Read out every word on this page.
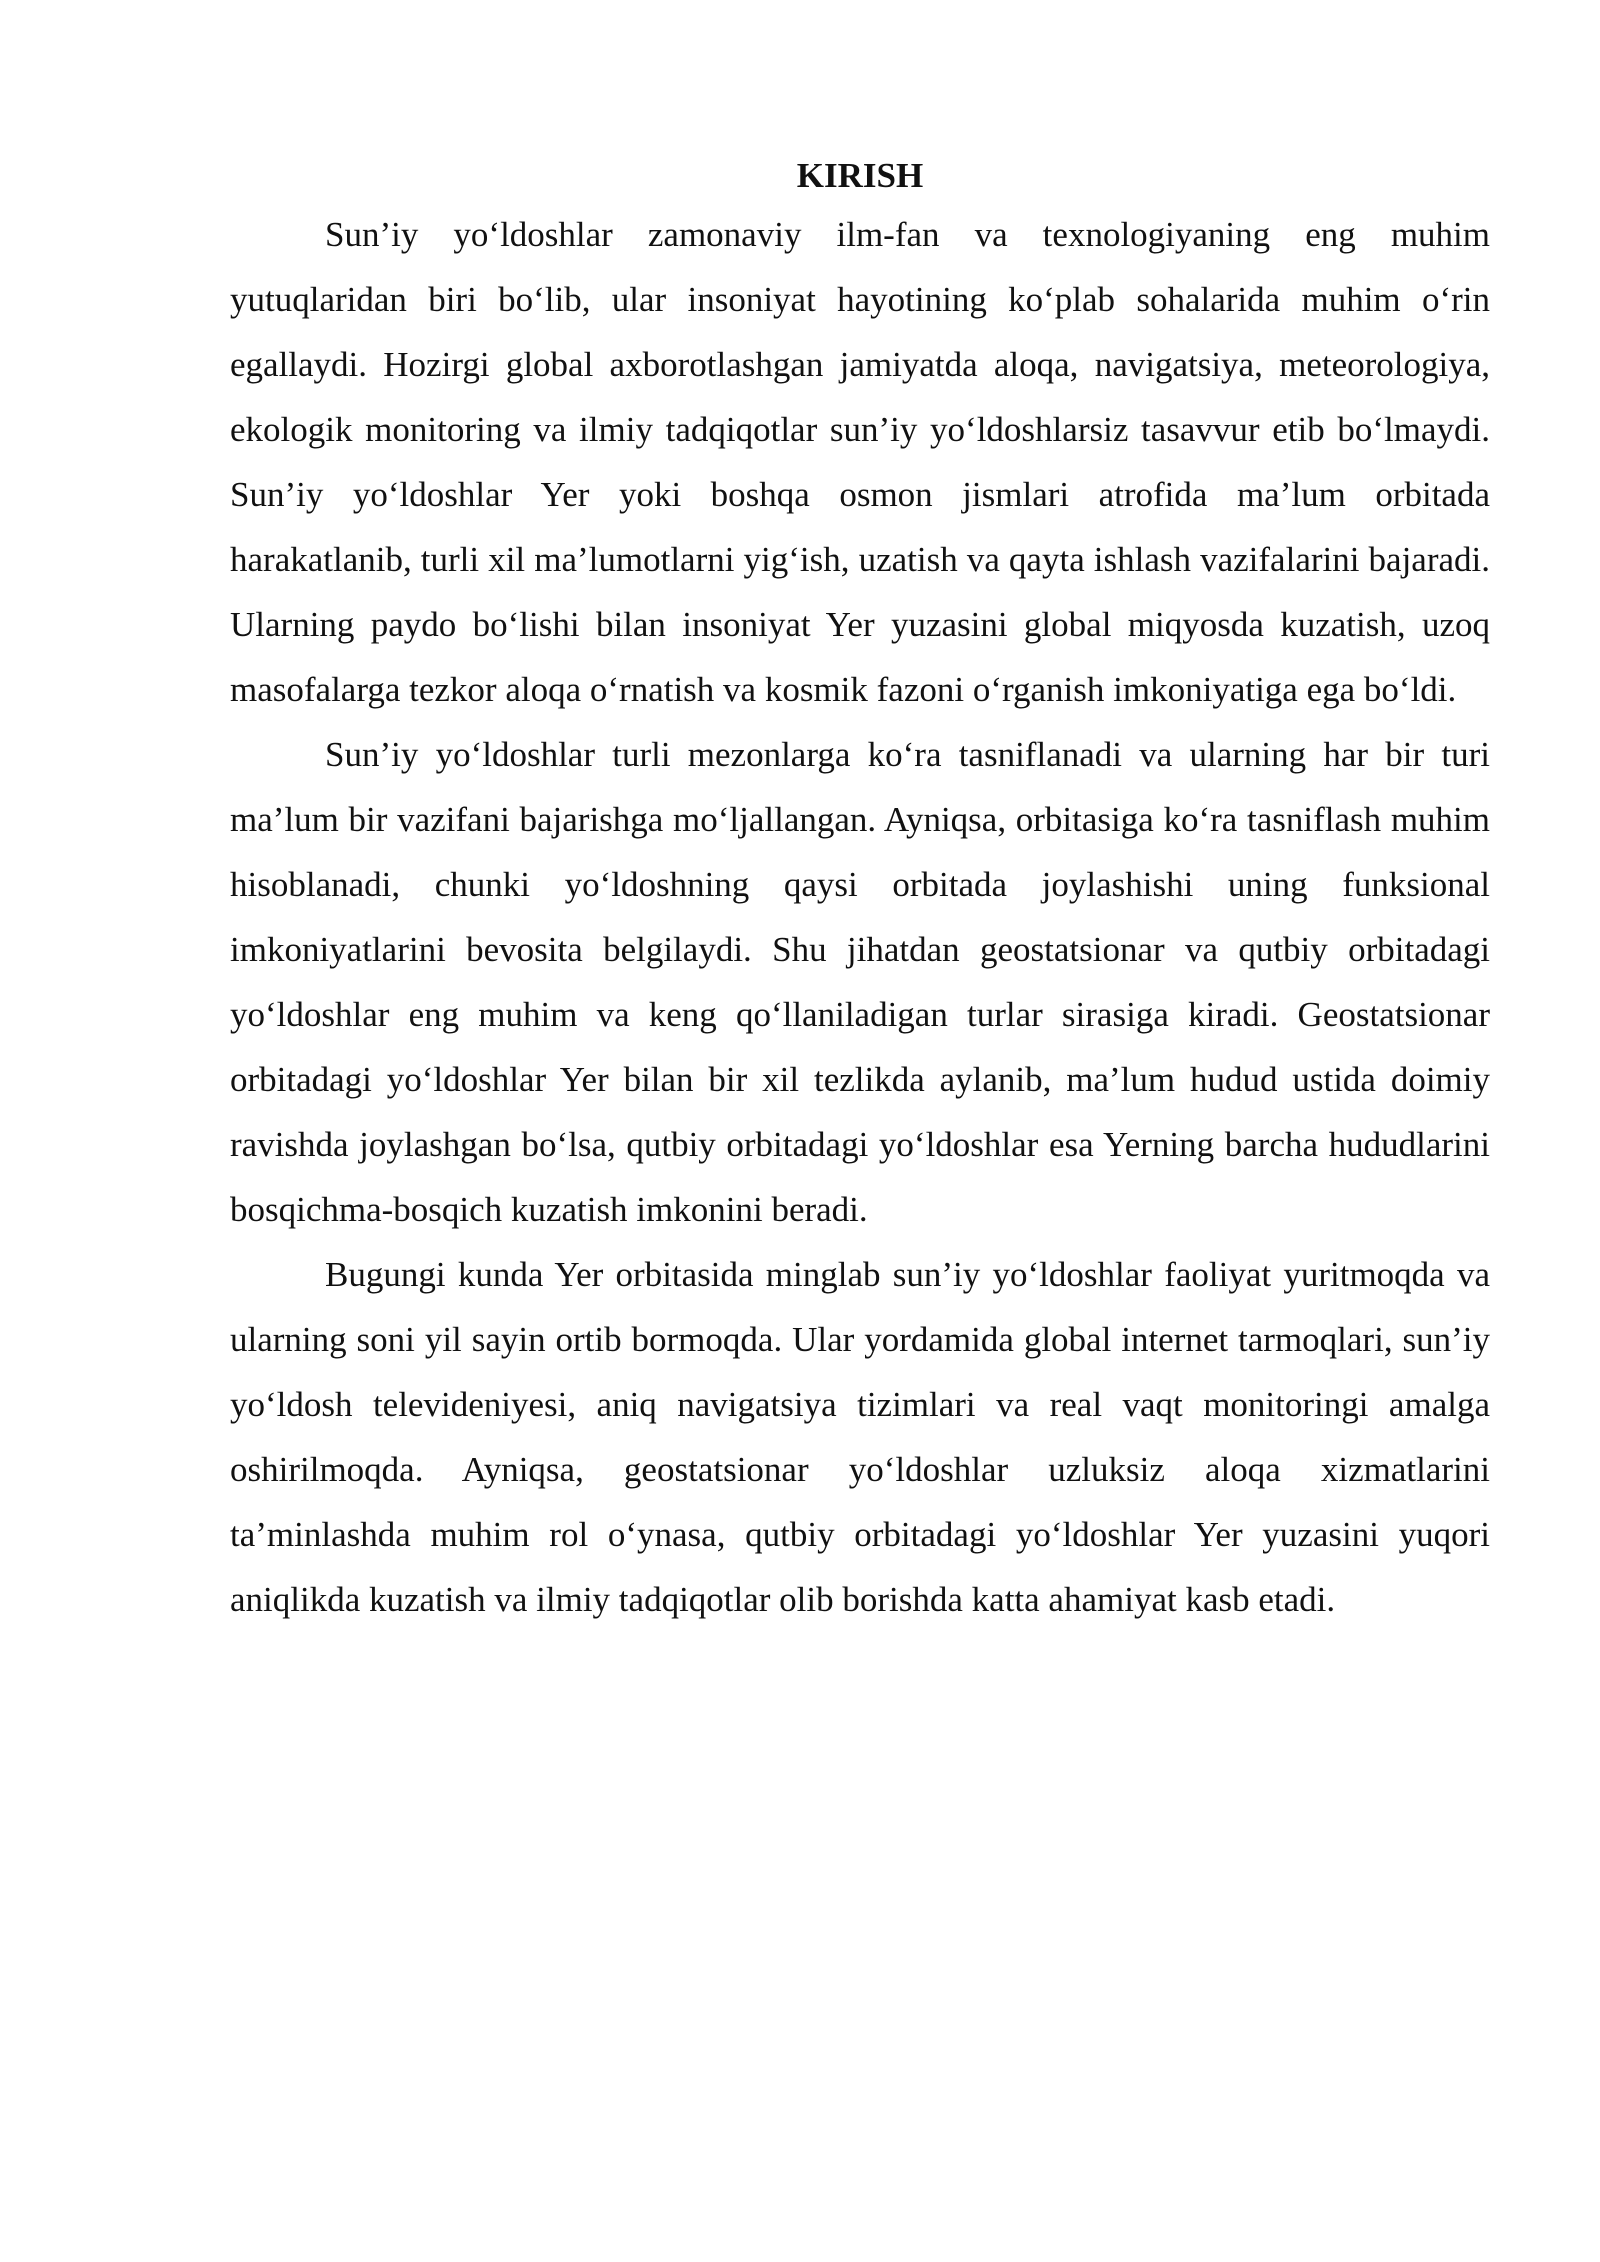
KIRISH

Sun’iy yo‘ldoshlar zamonaviy ilm-fan va texnologiyaning eng muhim yutuqlaridan biri bo‘lib, ular insoniyat hayotining ko‘plab sohalarida muhim o‘rin egallaydi. Hozirgi global axborotlashgan jamiyatda aloqa, navigatsiya, meteorologiya, ekologik monitoring va ilmiy tadqiqotlar sun’iy yo‘ldoshlarsiz tasavvur etib bo‘lmaydi. Sun’iy yo‘ldoshlar Yer yoki boshqa osmon jismlari atrofida ma’lum orbitada harakatlanib, turli xil ma’lumotlarni yig‘ish, uzatish va qayta ishlash vazifalarini bajaradi. Ularning paydo bo‘lishi bilan insoniyat Yer yuzasini global miqyosda kuzatish, uzoq masofalarga tezkor aloqa o‘rnatish va kosmik fazoni o‘rganish imkoniyatiga ega bo‘ldi.

Sun’iy yo‘ldoshlar turli mezonlarga ko‘ra tasniflanadi va ularning har bir turi ma’lum bir vazifani bajarishga mo‘ljallangan. Ayniqsa, orbitasiga ko‘ra tasniflash muhim hisoblanadi, chunki yo‘ldoshning qaysi orbitada joylashishi uning funksional imkoniyatlarini bevosita belgilaydi. Shu jihatdan geostatsionar va qutbiy orbitadagi yo‘ldoshlar eng muhim va keng qo‘llaniladigan turlar sirasiga kiradi. Geostatsionar orbitadagi yo‘ldoshlar Yer bilan bir xil tezlikda aylanib, ma’lum hudud ustida doimiy ravishda joylashgan bo‘lsa, qutbiy orbitadagi yo‘ldoshlar esa Yerning barcha hududlarini bosqichma-bosqich kuzatish imkonini beradi.

Bugungi kunda Yer orbitasida minglab sun’iy yo‘ldoshlar faoliyat yuritmoqda va ularning soni yil sayin ortib bormoqda. Ular yordamida global internet tarmoqlari, sun’iy yo‘ldosh televideniyesi, aniq navigatsiya tizimlari va real vaqt monitoringi amalga oshirilmoqda. Ayniqsa, geostatsionar yo‘ldoshlar uzluksiz aloqa xizmatlarini ta’minlashda muhim rol o‘ynasa, qutbiy orbitadagi yo‘ldoshlar Yer yuzasini yuqori aniqlikda kuzatish va ilmiy tadqiqotlar olib borishda katta ahamiyat kasb etadi.
